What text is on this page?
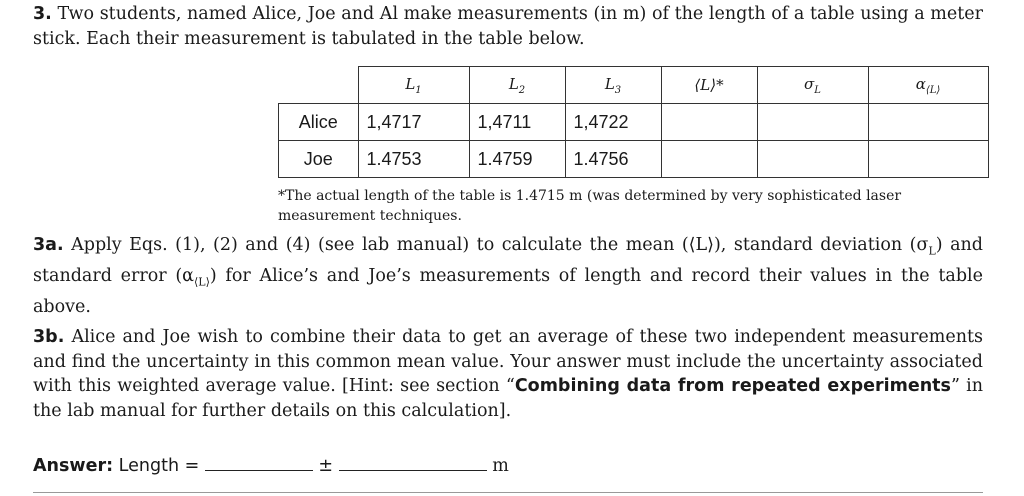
3. Two students, named Alice, Joe and Al make measurements (in m) of the length of a table using a meter stick. Each their measurement is tabulated in the table below.
	$L_1$	$L_2$	$L_3$	⟨L⟩*	$\sigma_L$	$\alpha_{⟨L⟩}$
Alice	1,4717	1,4711	1,4722			
Joe	1.4753	1.4759	1.4756			
*The actual length of the table is 1.4715 m (was determined by very sophisticated laser measurement techniques.
3a. Apply Eqs. (1), (2) and (4) (see lab manual) to calculate the mean (⟨L⟩), standard deviation $(\sigma_L)$ and standard error $(\alpha_{⟨L⟩})$ for Alice’s and Joe’s measurements of length and record their values in the table above.
3b. Alice and Joe wish to combine their data to get an average of these two independent measurements and find the uncertainty in this common mean value. Your answer must include the uncertainty associated with this weighted average value. [Hint: see section “Combining data from repeated experiments” in the lab manual for further details on this calculation].
Answer: Length =	±	m
